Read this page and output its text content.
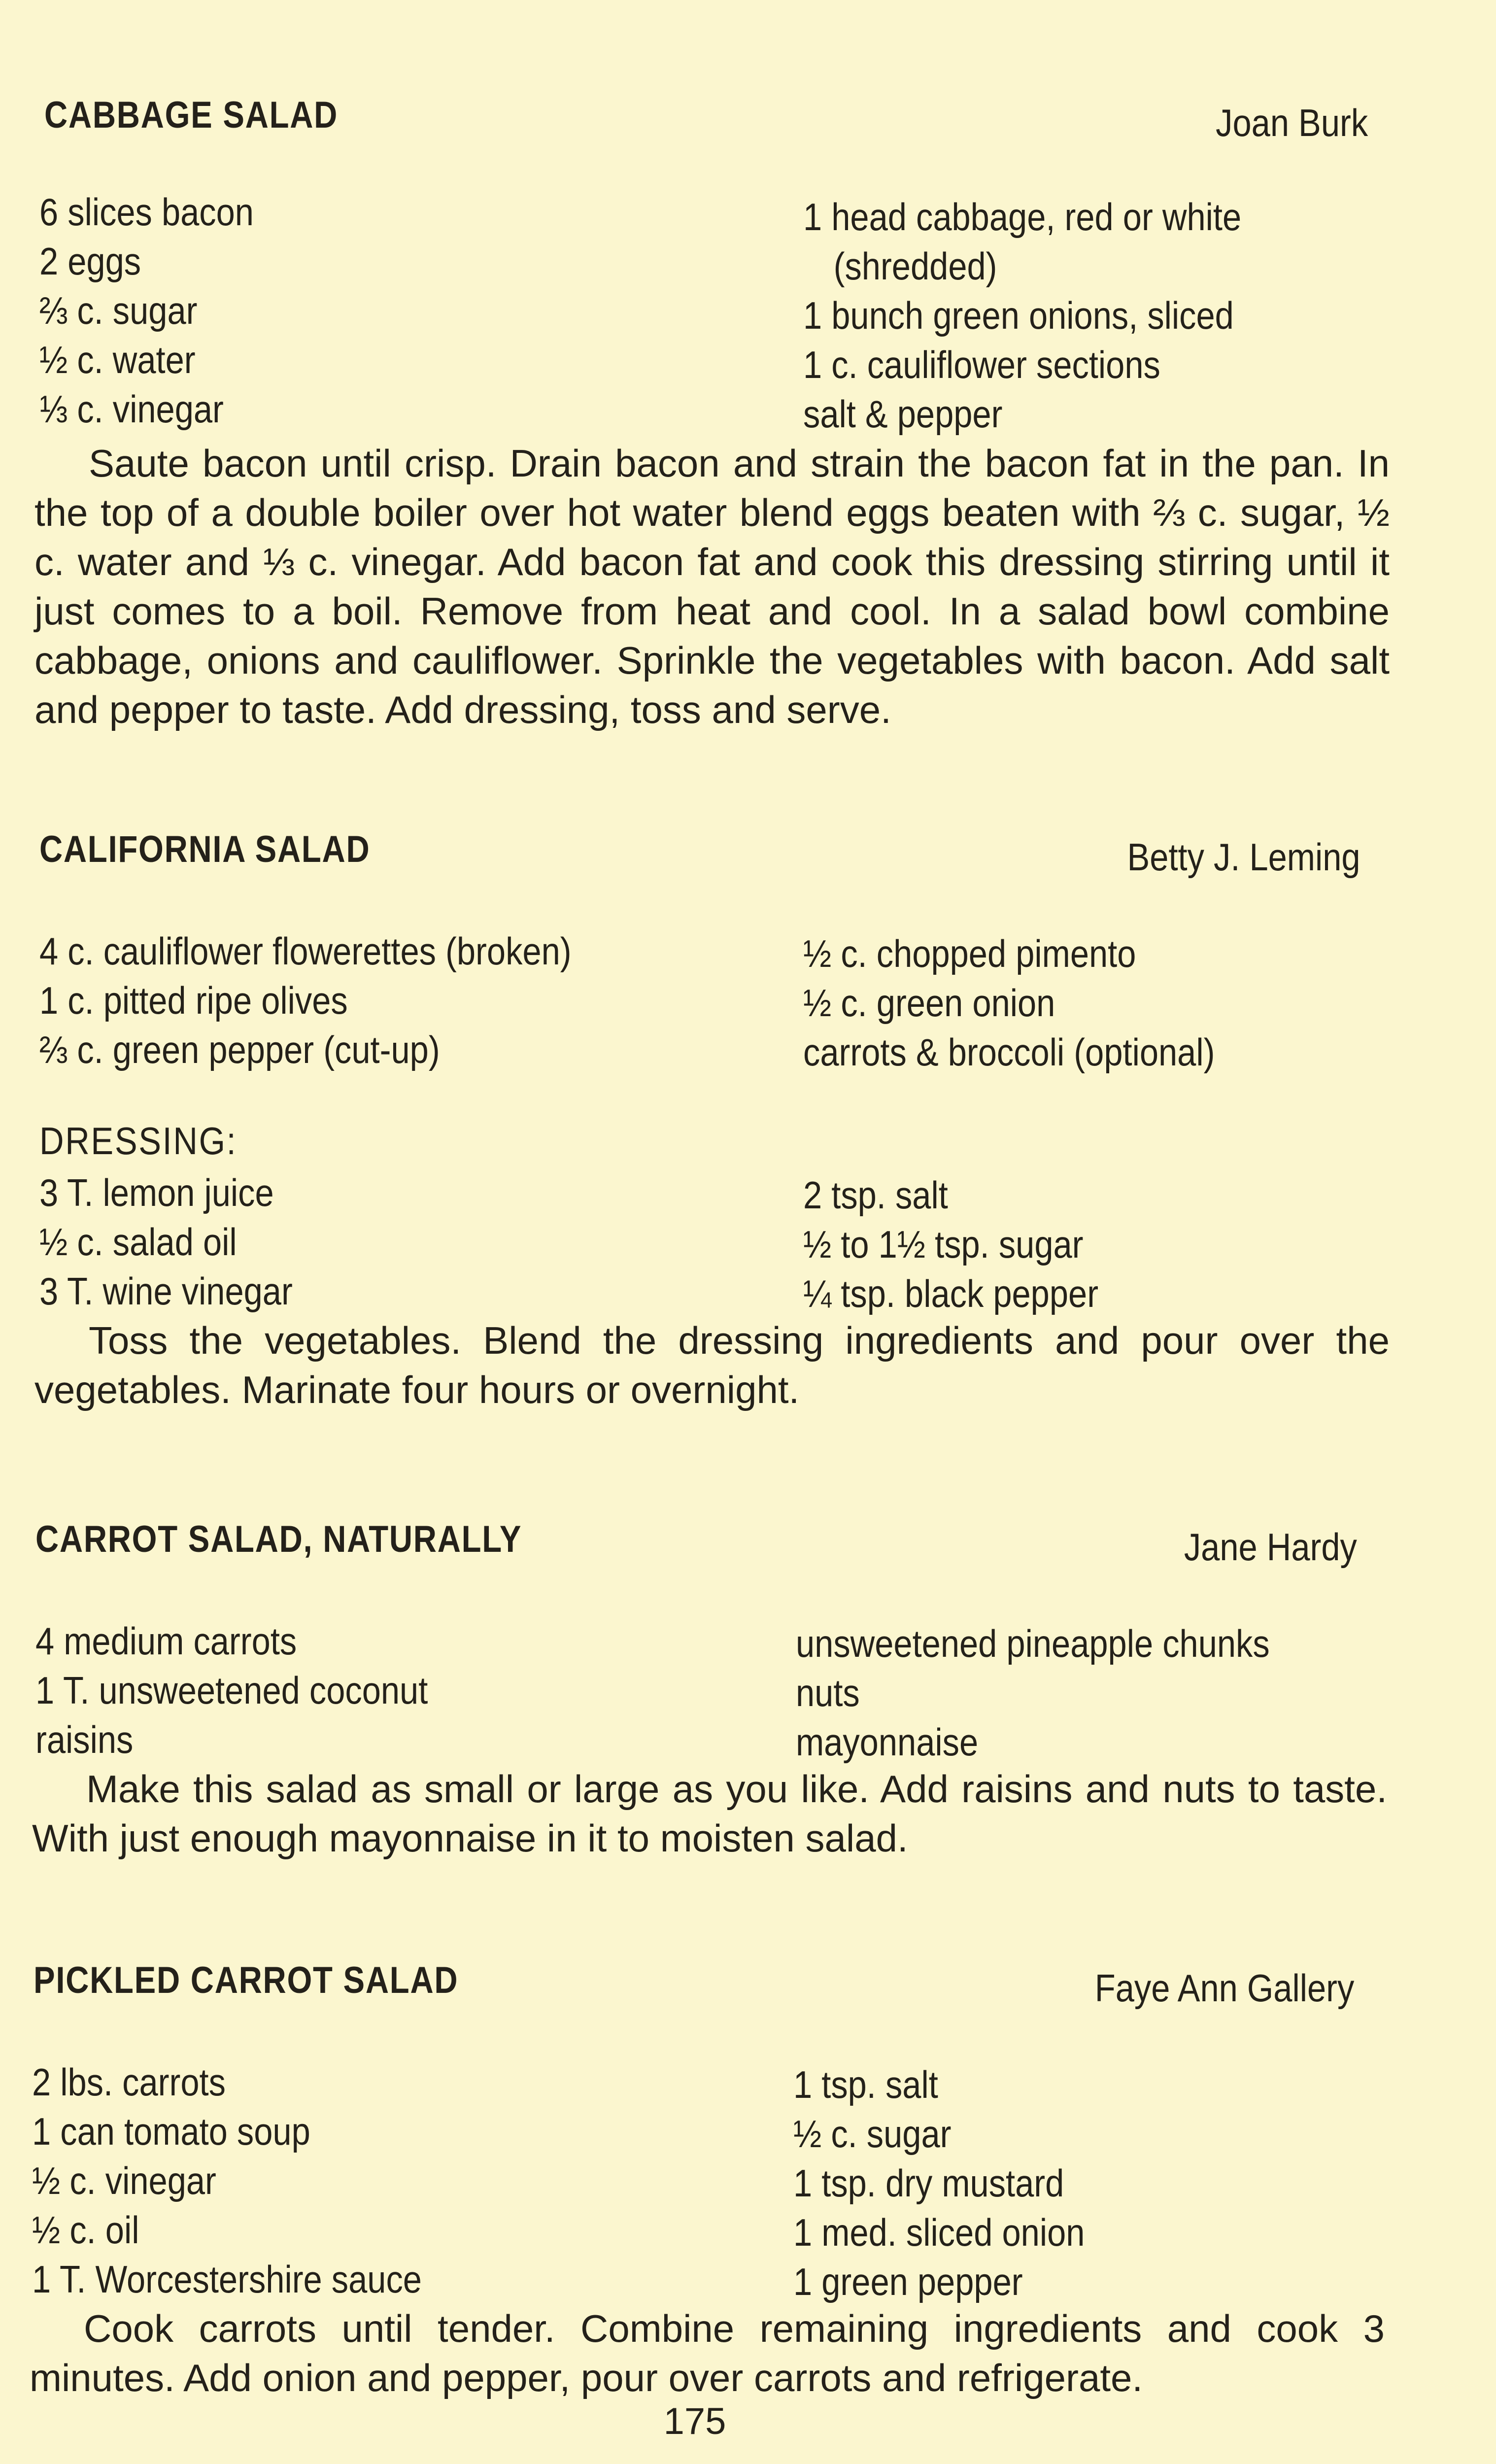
CABBAGE SALAD	Joan Burk
6 slices bacon
2 eggs
⅔ c. sugar
½ c. water
⅓ c. vinegar
1 head cabbage, red or white
(shredded)
1 bunch green onions, sliced
1 c. cauliflower sections
salt & pepper
Saute bacon until crisp. Drain bacon and strain the bacon fat in the pan. In the top of a double boiler over hot water blend eggs beaten with ⅔ c. sugar, ½ c. water and ⅓ c. vinegar. Add bacon fat and cook this dressing stirring until it just comes to a boil. Remove from heat and cool. In a salad bowl combine cabbage, onions and cauliflower. Sprinkle the vegetables with bacon. Add salt and pepper to taste. Add dressing, toss and serve.
CALIFORNIA SALAD	Betty J. Leming
4 c. cauliflower flowerettes (broken)
1 c. pitted ripe olives
⅔ c. green pepper (cut-up)
½ c. chopped pimento
½ c. green onion
carrots & broccoli (optional)
DRESSING:
3 T. lemon juice
½ c. salad oil
3 T. wine vinegar
2 tsp. salt
½ to 1½ tsp. sugar
¼ tsp. black pepper
Toss the vegetables. Blend the dressing ingredients and pour over the vegetables. Marinate four hours or overnight.
CARROT SALAD, NATURALLY	Jane Hardy
4 medium carrots
1 T. unsweetened coconut
raisins
unsweetened pineapple chunks
nuts
mayonnaise
Make this salad as small or large as you like. Add raisins and nuts to taste. With just enough mayonnaise in it to moisten salad.
PICKLED CARROT SALAD	Faye Ann Gallery
2 lbs. carrots
1 can tomato soup
½ c. vinegar
½ c. oil
1 T. Worcestershire sauce
1 tsp. salt
½ c. sugar
1 tsp. dry mustard
1 med. sliced onion
1 green pepper
Cook carrots until tender. Combine remaining ingredients and cook 3 minutes. Add onion and pepper, pour over carrots and refrigerate.
175
